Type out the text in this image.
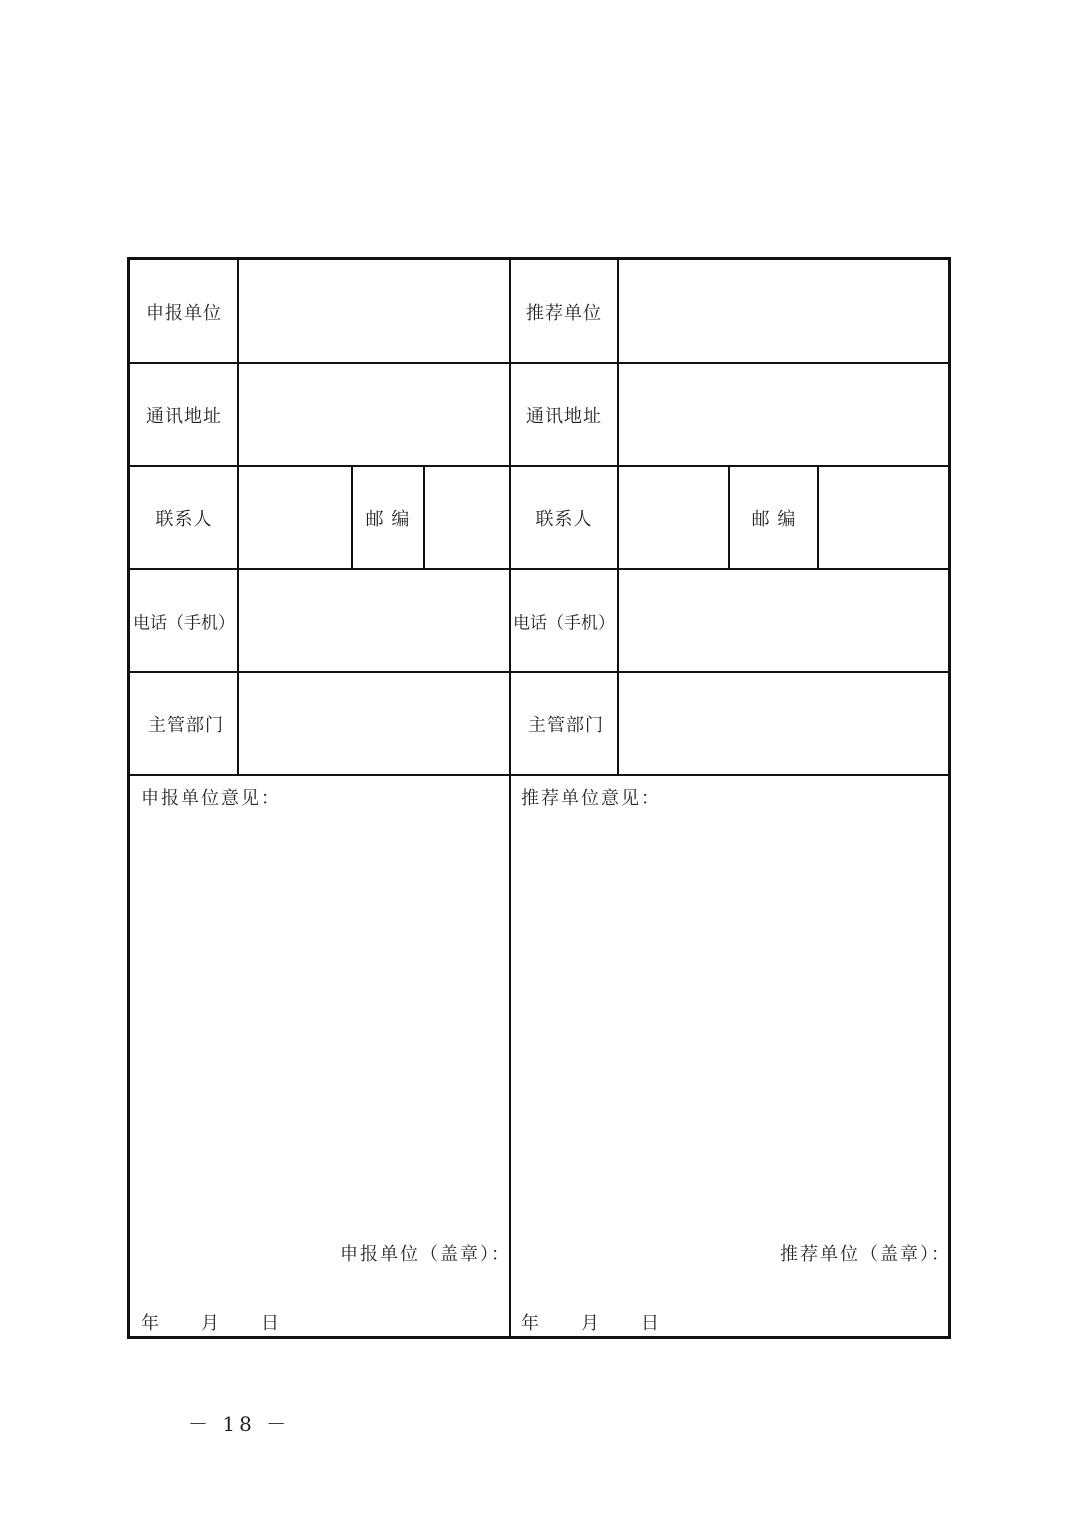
申报单位	推荐单位
通讯地址	通讯地址
联系人	邮 编	联系人	邮 编
电话（手机）	电话（手机）
主管部门	主管部门
申报单位意见：
申报单位（盖章）：
年　　月　　日
推荐单位意见：
推荐单位（盖章）：
年　　月　　日
－ 18 －
